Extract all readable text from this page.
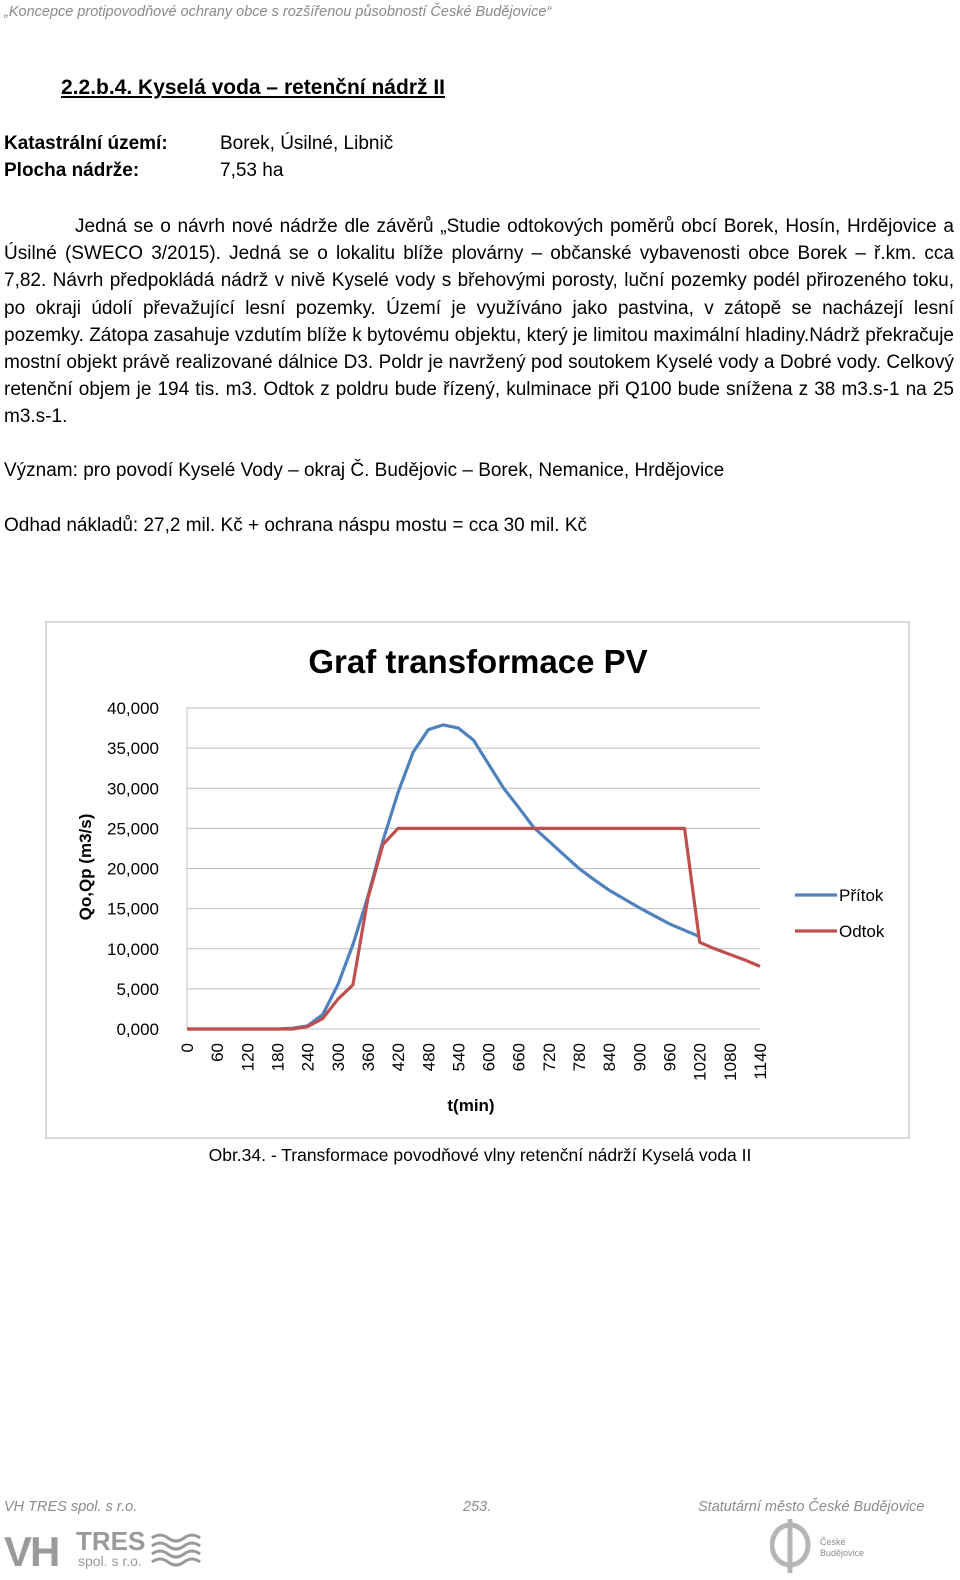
„Koncepce protipovodňové ochrany obce s rozšířenou působností České Budějovice“
2.2.b.4. Kyselá voda – retenční nádrž II
Katastrální území:	Borek, Úsilné, Libnič
Plocha nádrže:	7,53 ha
Jedná se o návrh nové nádrže dle závěrů „Studie odtokových poměrů obcí Borek, Hosín, Hrdějovice a Úsilné (SWECO 3/2015). Jedná se o lokalitu blíže plovárny – občanské vybavenosti obce Borek – ř.km. cca 7,82. Návrh předpokládá nádrž v nivě Kyselé vody s břehovými porosty, luční pozemky podél přirozeného toku, po okraji údolí převažující lesní pozemky. Území je využíváno jako pastvina, v zátopě se nacházejí lesní pozemky. Zátopa zasahuje vzdutím blíže k bytovému objektu, který je limitou maximální hladiny.Nádrž překračuje mostní objekt právě realizované dálnice D3. Poldr je navržený pod soutokem Kyselé vody a Dobré vody. Celkový retenční objem je 194 tis. m3. Odtok z poldru bude řízený, kulminace při Q100 bude snížena z 38 m3.s-1 na 25 m3.s-1.
Význam: pro povodí Kyselé Vody – okraj Č. Budějovic – Borek, Nemanice, Hrdějovice
Odhad nákladů: 27,2 mil. Kč + ochrana náspu mostu = cca 30 mil. Kč
0,000
5,000
10,000
15,000
20,000
25,000
30,000
35,000
40,000
0 60 120 180 240 300 360 420 480 540 600 660 720 780 840 900 960 1020 1080 1140
Přítok
Odtok
Graf transformace PV
Qo,Qp (m3/s)
t(min)
Obr.34. - Transformace povodňové vlny retenční nádrží Kyselá voda II
VH TRES spol. s r.o.	253.	Statutární město České Budějovice
VH TRES
spol. s r.o.
České
Budějovice
